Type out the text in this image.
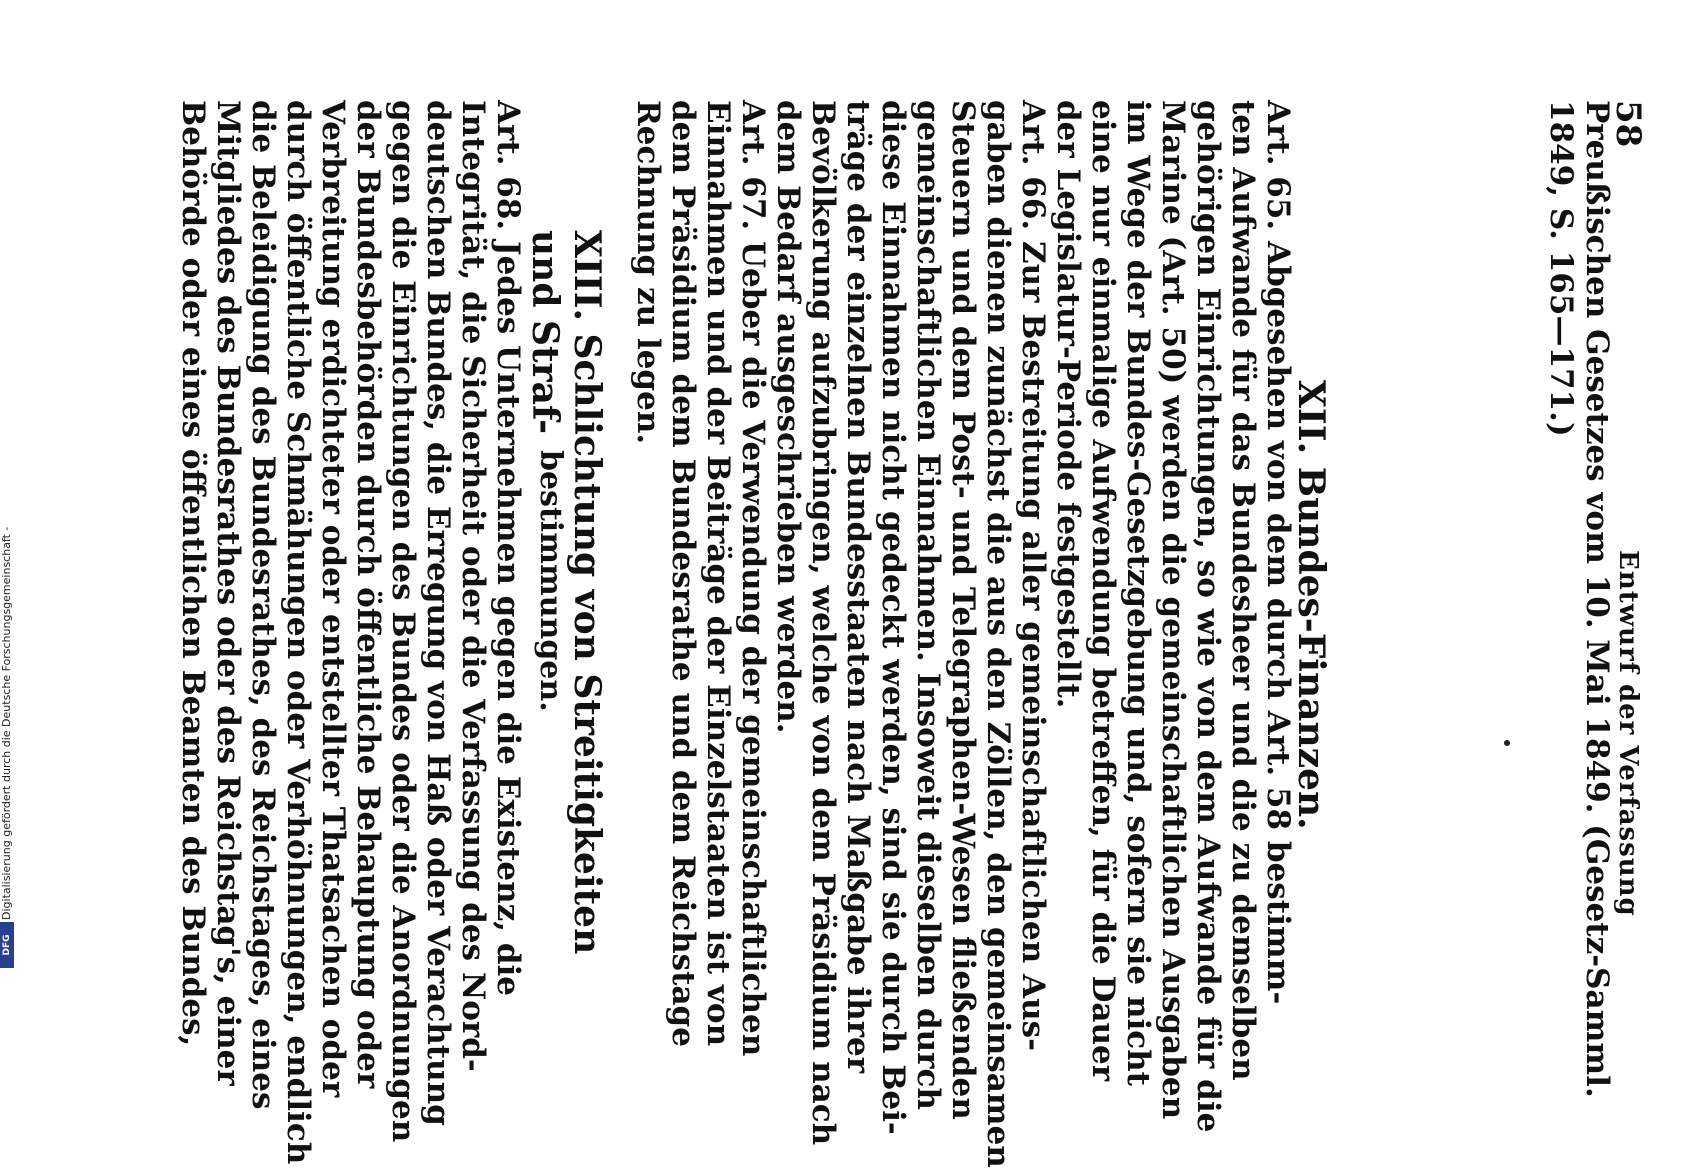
58
Entwurf der Verfassung
Preußischen Gesetzes vom 10. Mai 1849. (Gesetz-Samml.
1849, S. 165—171.)
XII. Bundes-Finanzen.
Art. 65. Abgesehen von dem durch Art. 58 bestimm-
ten Aufwande für das Bundesheer und die zu demselben
gehörigen Einrichtungen, so wie von dem Aufwande für die
Marine (Art. 50) werden die gemeinschaftlichen Ausgaben
im Wege der Bundes-Gesetzgebung und, sofern sie nicht
eine nur einmalige Aufwendung betreffen, für die Dauer
der Legislatur-Periode festgestellt.
Art. 66. Zur Bestreitung aller gemeinschaftlichen Aus-
gaben dienen zunächst die aus den Zöllen, den gemeinsamen
Steuern und dem Post- und Telegraphen-Wesen fließenden
gemeinschaftlichen Einnahmen. Insoweit dieselben durch
diese Einnahmen nicht gedeckt werden, sind sie durch Bei-
träge der einzelnen Bundesstaaten nach Maßgabe ihrer
Bevölkerung aufzubringen, welche von dem Präsidium nach
dem Bedarf ausgeschrieben werden.
Art. 67. Ueber die Verwendung der gemeinschaftlichen
Einnahmen und der Beiträge der Einzelstaaten ist von
dem Präsidium dem Bundesrathe und dem Reichstage
Rechnung zu legen.
XIII. Schlichtung von Streitigkeiten und Straf-
bestimmungen.
Art. 68. Jedes Unternehmen gegen die Existenz, die
Integrität, die Sicherheit oder die Verfassung des Nord-
deutschen Bundes, die Erregung von Haß oder Verachtung
gegen die Einrichtungen des Bundes oder die Anordnungen
der Bundesbehörden durch öffentliche Behauptung oder
Verbreitung erdichteter oder entstellter Thatsachen oder
durch öffentliche Schmähungen oder Verhöhnungen, endlich
die Beleidigung des Bundesrathes, des Reichstages, eines
Mitgliedes des Bundesrathes oder des Reichstag's, einer
Behörde oder eines öffentlichen Beamten des Bundes,
Digitalisierung gefördert durch die Deutsche Forschungsgemeinschaft -
DFG
